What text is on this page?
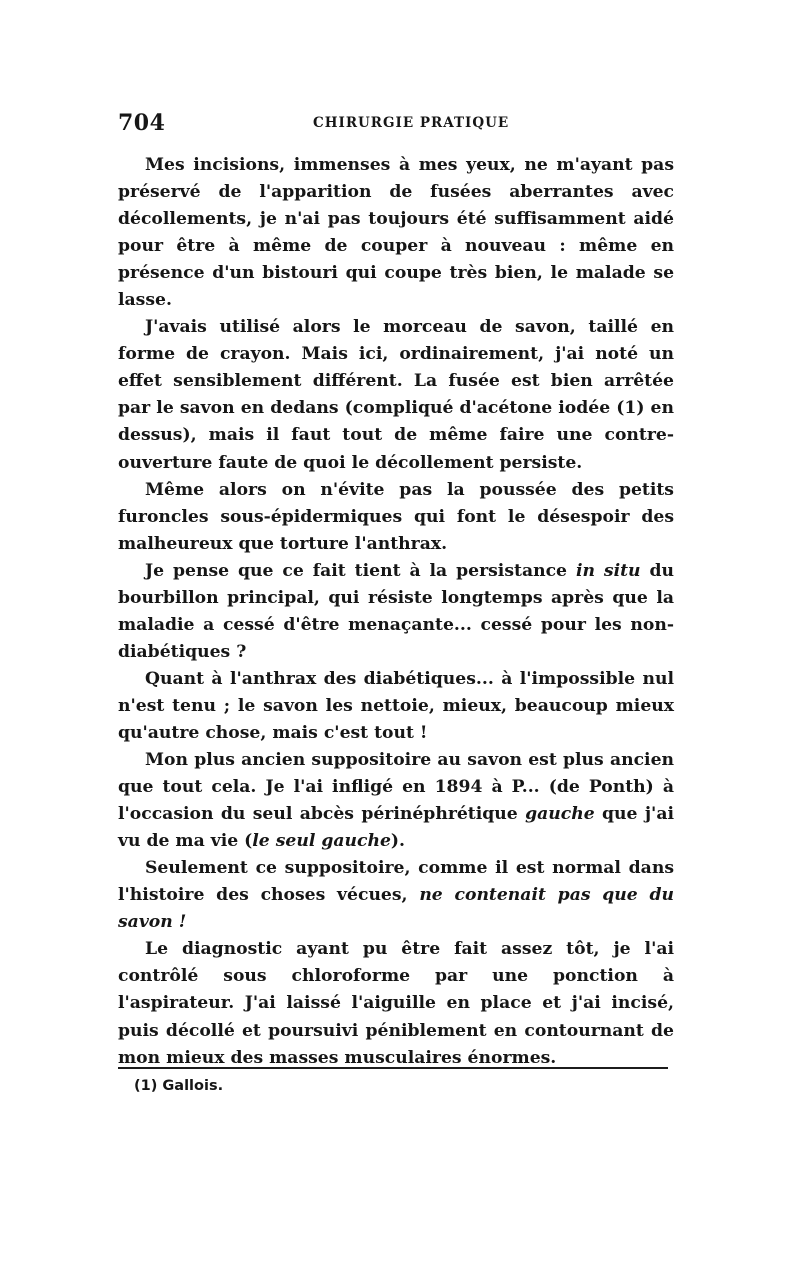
704	CHIRURGIE PRATIQUE

Mes incisions, immenses à mes yeux, ne m'ayant pas préservé de l'apparition de fusées aberrantes avec décollements, je n'ai pas toujours été suffisamment aidé pour être à même de couper à nouveau : même en présence d'un bistouri qui coupe très bien, le malade se lasse.

J'avais utilisé alors le morceau de savon, taillé en forme de crayon. Mais ici, ordinairement, j'ai noté un effet sensiblement différent. La fusée est bien arrêtée par le savon en dedans (compliqué d'acétone iodée (1) en dessus), mais il faut tout de même faire une contre-ouverture faute de quoi le décollement persiste.

Même alors on n'évite pas la poussée des petits furoncles sous-épidermiques qui font le désespoir des malheureux que torture l'anthrax.

Je pense que ce fait tient à la persistance in situ du bourbillon principal, qui résiste longtemps après que la maladie a cessé d'être menaçante... cessé pour les non-diabétiques ?

Quant à l'anthrax des diabétiques... à l'impossible nul n'est tenu ; le savon les nettoie, mieux, beaucoup mieux qu'autre chose, mais c'est tout !

Mon plus ancien suppositoire au savon est plus ancien que tout cela. Je l'ai infligé en 1894 à P... (de Ponth) à l'occasion du seul abcès périnéphrétique gauche que j'ai vu de ma vie (le seul gauche).

Seulement ce suppositoire, comme il est normal dans l'histoire des choses vécues, ne contenait pas que du savon !

Le diagnostic ayant pu être fait assez tôt, je l'ai contrôlé sous chloroforme par une ponction à l'aspirateur. J'ai laissé l'aiguille en place et j'ai incisé, puis décollé et poursuivi péniblement en contournant de mon mieux des masses musculaires énormes.

(1) Gallois.
